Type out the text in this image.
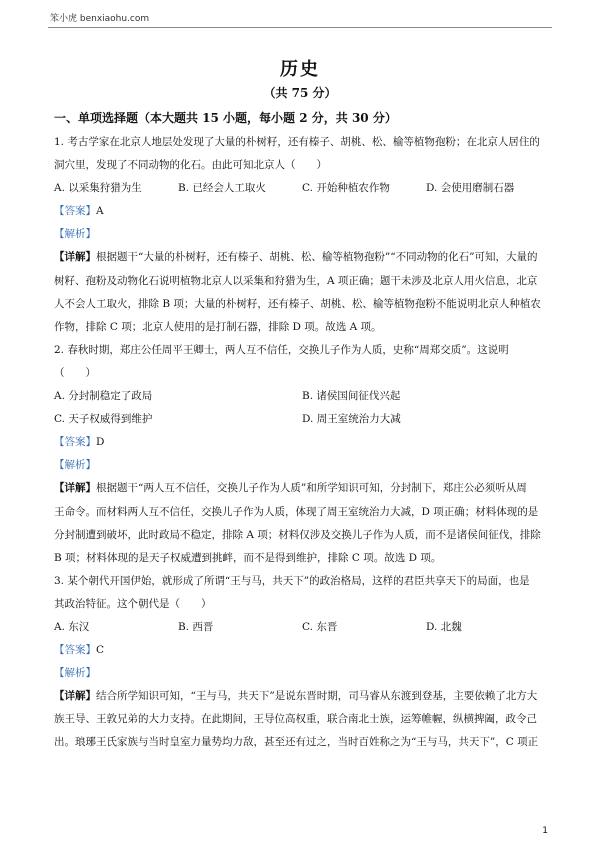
笨小虎 benxiaohu.com
历史
（共 75 分）
一、单项选择题（本大题共 15 小题，每小题 2 分，共 30 分）
1. 考古学家在北京人地层处发现了大量的朴树籽，还有榛子、胡桃、松、榆等植物孢粉；在北京人居住的
洞穴里，发现了不同动物的化石。由此可知北京人（　　）
A. 以采集狩猎为生	B. 已经会人工取火	C. 开始种植农作物	D. 会使用磨制石器
【答案】A
【解析】
【详解】根据题干“大量的朴树籽，还有榛子、胡桃、松、榆等植物孢粉”“不同动物的化石”可知，大量的
树籽、孢粉及动物化石说明植物北京人以采集和狩猎为生，A 项正确；题干未涉及北京人用火信息，北京
人不会人工取火，排除 B 项；大量的朴树籽，还有榛子、胡桃、松、榆等植物孢粉不能说明北京人种植农
作物，排除 C 项；北京人使用的是打制石器，排除 D 项。故选 A 项。
2. 春秋时期，郑庄公任周平王卿士，两人互不信任，交换儿子作为人质，史称“周郑交质”。这说明
（　　）
A. 分封制稳定了政局	B. 诸侯国间征伐兴起
C. 天子权威得到维护	D. 周王室统治力大减
【答案】D
【解析】
【详解】根据题干“两人互不信任，交换儿子作为人质”和所学知识可知，分封制下，郑庄公必须听从周
王命令。而材料两人互不信任，交换儿子作为人质，体现了周王室统治力大减，D 项正确；材料体现的是
分封制遭到破坏，此时政局不稳定，排除 A 项；材料仅涉及交换儿子作为人质，而不是诸侯间征伐，排除
B 项；材料体现的是天子权威遭到挑衅，而不是得到维护，排除 C 项。故选 D 项。
3. 某个朝代开国伊始，就形成了所谓“王与马，共天下”的政治格局，这样的君臣共享天下的局面，也是
其政治特征。这个朝代是（　　）
A. 东汉	B. 西晋	C. 东晋	D. 北魏
【答案】C
【解析】
【详解】结合所学知识可知，“王与马，共天下”是说东晋时期，司马睿从东渡到登基，主要依赖了北方大
族王导、王敦兄弟的大力支持。在此期间，王导位高权重，联合南北士族，运筹帷幄，纵横捭阖，政令己
出。琅琊王氏家族与当时皇室力量势均力敌，甚至还有过之，当时百姓称之为“王与马，共天下”，C 项正
1
